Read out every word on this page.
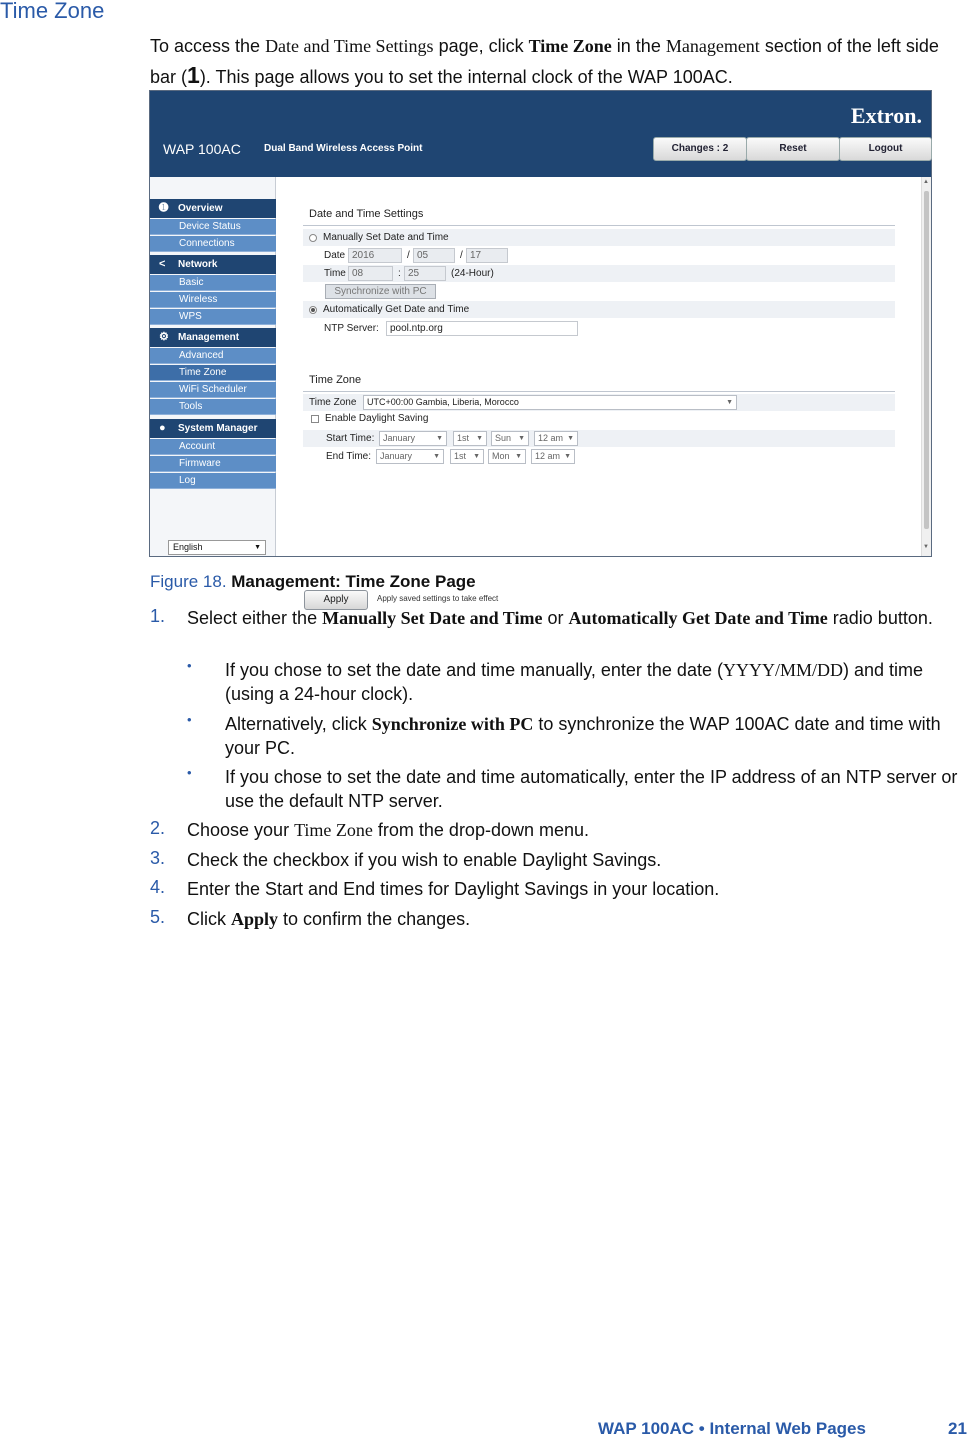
Time Zone
To access the Date and Time Settings page, click Time Zone in the Management section of the left side bar (1). This page allows you to set the internal clock of the WAP 100AC.
WAP 100AC Dual Band Wireless Access Point
Extron.
Changes : 2	Reset	Logout
➊ Overview
Device Status
Connections
< Network
Basic
Wireless
WPS
⚙ Management
Advanced
Time Zone
WiFi Scheduler
Tools
● System Manager
Account
Firmware
Log
English	▼
Date and Time Settings
Manually Set Date and Time
Date 2016	/ 05	/ 17
Time 08	: 25	(24-Hour)
Synchronize with PC
Automatically Get Date and Time
NTP Server:	pool.ntp.org
Time Zone
Time Zone	UTC+00:00 Gambia, Liberia, Morocco	▼
Enable Daylight Saving
Start Time: January	▼	1st ▼	Sun ▼	12 am ▼
End Time: January	▼	1st ▼	Mon ▼	12 am ▼
Apply	Apply saved settings to take effect
▲
▼
Figure 18. Management: Time Zone Page
1. Select either the Manually Set Date and Time or Automatically Get Date and Time radio button.
• If you chose to set the date and time manually, enter the date (YYYY/MM/DD) and time (using a 24-hour clock).
• Alternatively, click Synchronize with PC to synchronize the WAP 100AC date and time with your PC.
• If you chose to set the date and time automatically, enter the IP address of an NTP server or use the default NTP server.
2. Choose your Time Zone from the drop-down menu.
3. Check the checkbox if you wish to enable Daylight Savings.
4. Enter the Start and End times for Daylight Savings in your location.
5. Click Apply to confirm the changes.
WAP 100AC • Internal Web Pages	21
